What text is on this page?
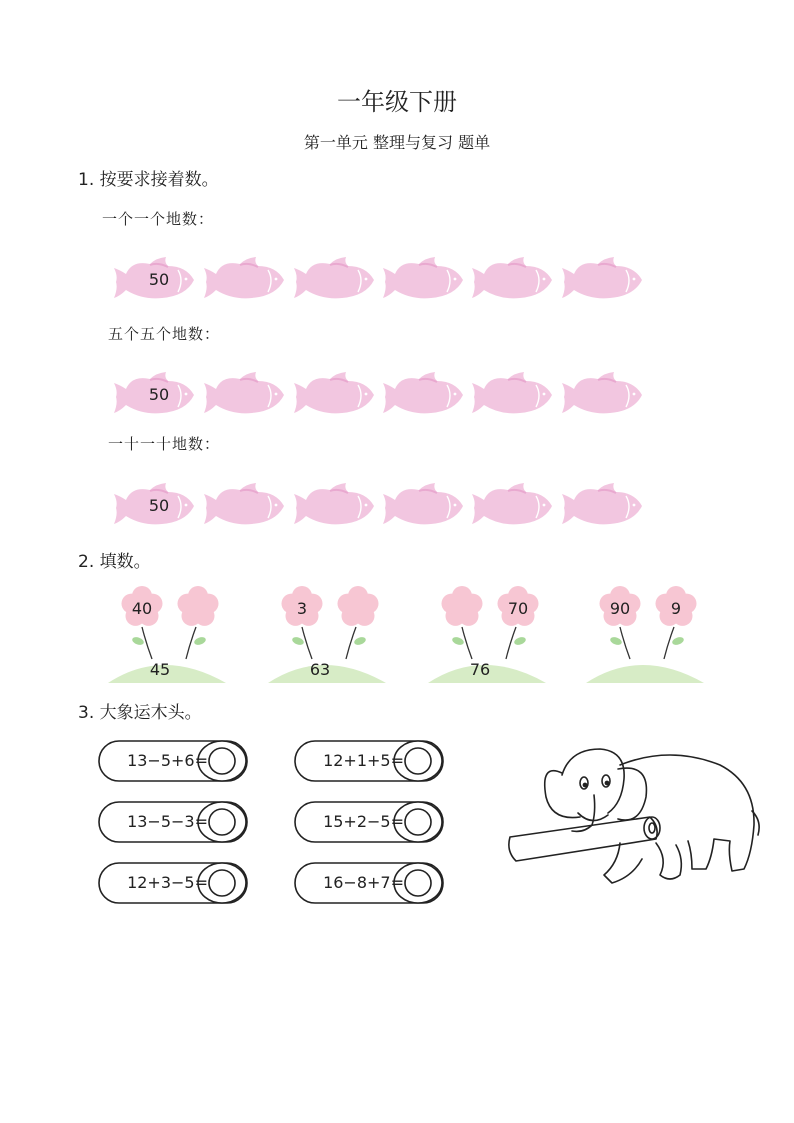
一年级下册
第一单元 整理与复习 题单
1. 按要求接着数。
一个一个地数：
50
五个五个地数：
50
一十一十地数：
50
2. 填数。
40
45
3
63
70
76
90	9
3. 大象运木头。
13−5+6=	12+1+5=
13−5−3=	15+2−5=
12+3−5=	16−8+7=
